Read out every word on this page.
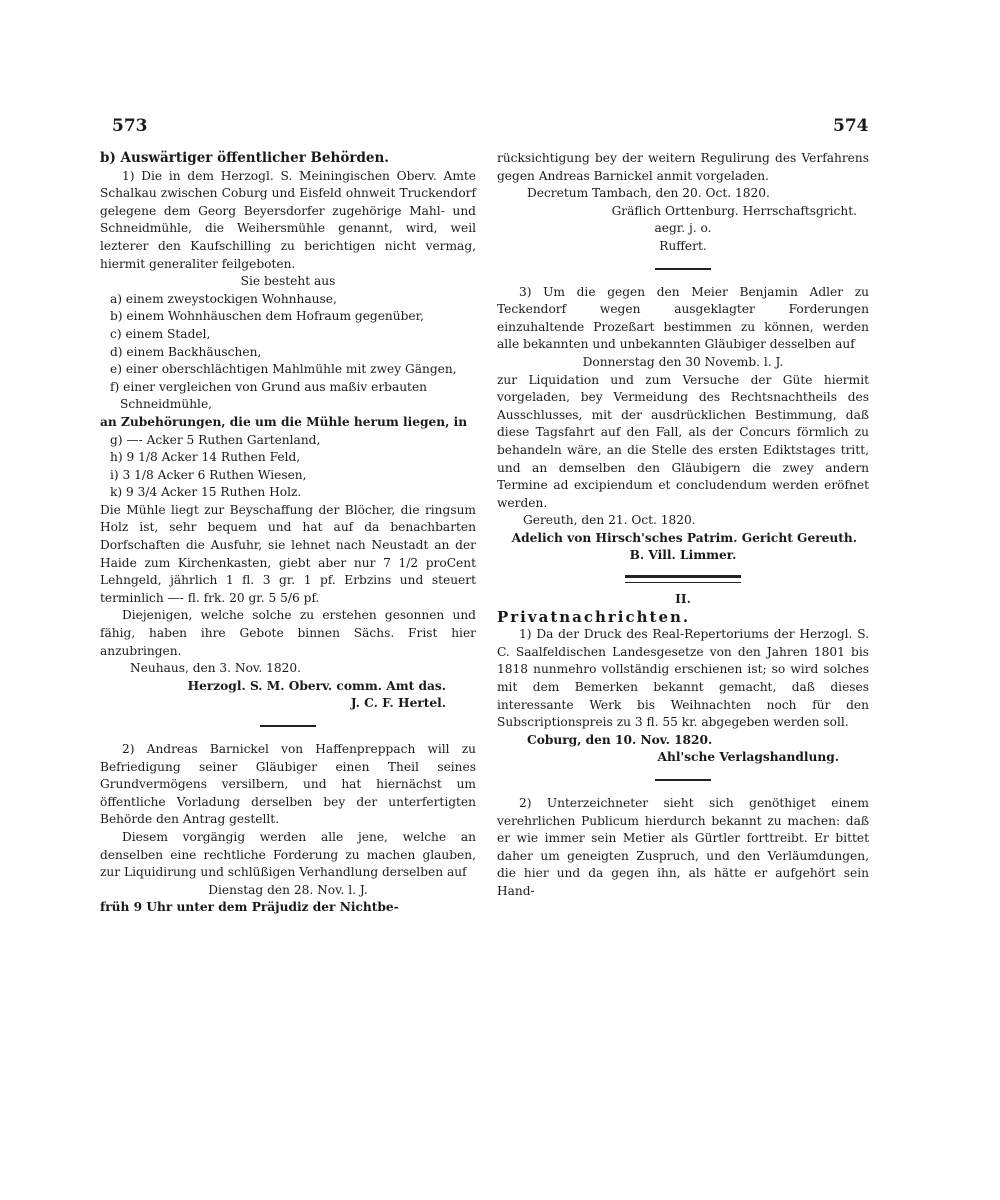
573	574

b) Auswärtiger öffentlicher Behörden.

1) Die in dem Herzogl. S. Meiningischen Oberv. Amte Schalkau zwischen Coburg und Eisfeld ohnweit Truckendorf gelegene dem Georg Beyersdorfer zugehörige Mahl- und Schneidmühle, die Weihersmühle genannt, wird, weil lezterer den Kaufschilling zu berichtigen nicht vermag, hiermit generaliter feilgeboten.

Sie besteht aus

a) einem zweystockigen Wohnhause,
b) einem Wohnhäuschen dem Hofraum gegenüber,
c) einem Stadel,
d) einem Backhäuschen,
e) einer oberschlächtigen Mahlmühle mit zwey Gängen,
f) einer vergleichen von Grund aus maßiv erbauten Schneidmühle,

an Zubehörungen, die um die Mühle herum liegen, in

g) —- Acker 5 Ruthen Gartenland,
h) 9 1/8 Acker 14 Ruthen Feld,
i) 3 1/8 Acker 6 Ruthen Wiesen,
k) 9 3/4 Acker 15 Ruthen Holz.

Die Mühle liegt zur Beyschaffung der Blöcher, die ringsum Holz ist, sehr bequem und hat auf da benachbarten Dorfschaften die Ausfuhr, sie lehnet nach Neustadt an der Haide zum Kirchenkasten, giebt aber nur 7 1/2 proCent Lehngeld, jährlich 1 fl. 3 gr. 1 pf. Erbzins und steuert terminlich —- fl. frk. 20 gr. 5 5/6 pf.

Diejenigen, welche solche zu erstehen gesonnen und fähig, haben ihre Gebote binnen Sächs. Frist hier anzubringen.

Neuhaus, den 3. Nov. 1820.

Herzogl. S. M. Oberv. comm. Amt das.

J. C. F. Hertel.

2) Andreas Barnickel von Haffenpreppach will zu Befriedigung seiner Gläubiger einen Theil seines Grundvermögens versilbern, und hat hiernächst um öffentliche Vorladung derselben bey der unterfertigten Behörde den Antrag gestellt.

Diesem vorgängig werden alle jene, welche an denselben eine rechtliche Forderung zu machen glauben, zur Liquidirung und schlüßigen Verhandlung derselben auf

Dienstag den 28. Nov. l. J.

früh 9 Uhr unter dem Präjudiz der Nichtbe-

rücksichtigung bey der weitern Regulirung des Verfahrens gegen Andreas Barnickel anmit vorgeladen.

Decretum Tambach, den 20. Oct. 1820.

Gräflich Orttenburg. Herrschaftsgricht.

aegr. j. o.

Ruffert.

3) Um die gegen den Meier Benjamin Adler zu Teckendorf wegen ausgeklagter Forderungen einzuhaltende Prozeßart bestimmen zu können, werden alle bekannten und unbekannten Gläubiger desselben auf

Donnerstag den 30 Novemb. l. J.

zur Liquidation und zum Versuche der Güte hiermit vorgeladen, bey Vermeidung des Rechtsnachtheils des Ausschlusses, mit der ausdrücklichen Bestimmung, daß diese Tagsfahrt auf den Fall, als der Concurs förmlich zu behandeln wäre, an die Stelle des ersten Ediktstages tritt, und an demselben den Gläubigern die zwey andern Termine ad excipiendum et concludendum werden eröfnet werden.

Gereuth, den 21. Oct. 1820.

Adelich von Hirsch'sches Patrim. Gericht Gereuth.

B. Vill. Limmer.

II.

Privatnachrichten.

1) Da der Druck des Real-Repertoriums der Herzogl. S. C. Saalfeldischen Landesgesetze von den Jahren 1801 bis 1818 nunmehro vollständig erschienen ist; so wird solches mit dem Bemerken bekannt gemacht, daß dieses interessante Werk bis Weihnachten noch für den Subscriptionspreis zu 3 fl. 55 kr. abgegeben werden soll.

Coburg, den 10. Nov. 1820.

Ahl'sche Verlagshandlung.

2) Unterzeichneter sieht sich genöthiget einem verehrlichen Publicum hierdurch bekannt zu machen: daß er wie immer sein Metier als Gürtler forttreibt. Er bittet daher um geneigten Zuspruch, und den Verläumdungen, die hier und da gegen ihn, als hätte er aufgehört sein Hand-
